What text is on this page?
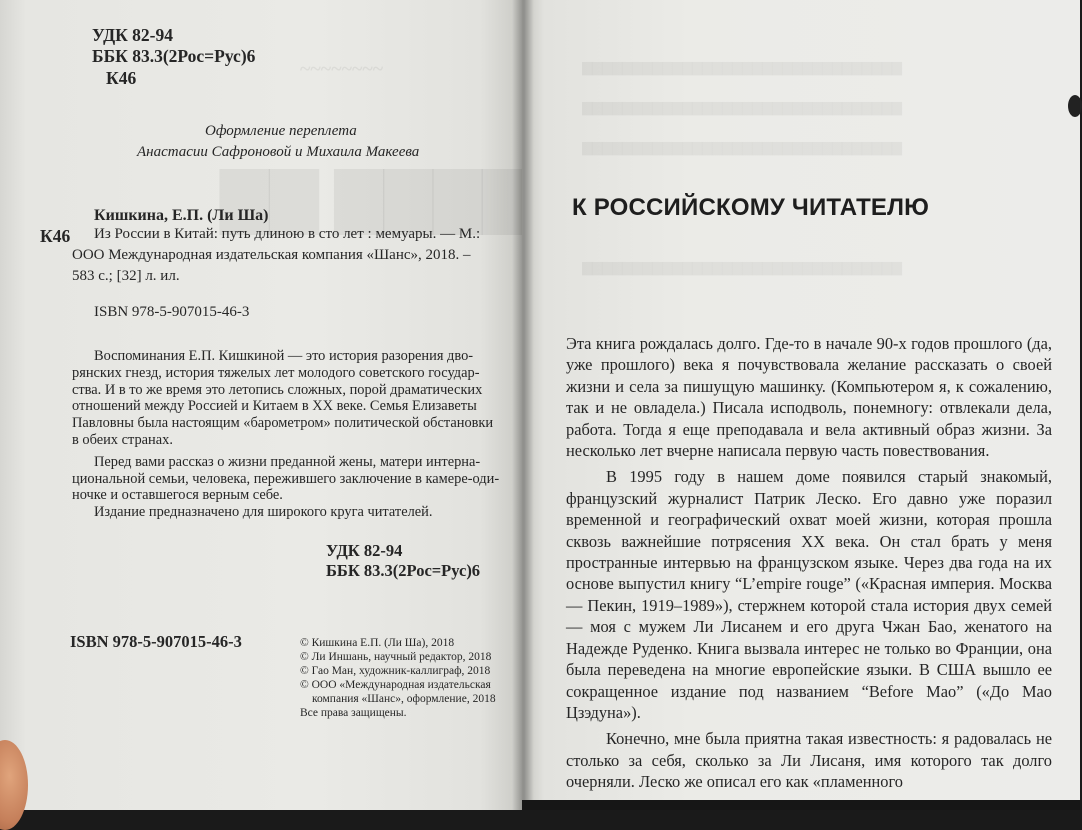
~~~~~~~~
▇▇ ▇▇▇▇▇
УДК 82-94
ББК 83.3(2Рос=Рус)6
К46
Оформление переплета
Анастасии Сафроновой и Михаила Макеева
К46
Кишкина, Е.П. (Ли Ша)
Из России в Китай: путь длиною в сто лет : мемуары. — М.:
ООО Международная издательская компания «Шанс», 2018. –
583 с.; [32] л. ил.
ISBN 978-5-907015-46-3
Воспоминания Е.П. Кишкиной — это история разорения дво-
рянских гнезд, история тяжелых лет молодого советского государ-
ства. И в то же время это летопись сложных, порой драматических
отношений между Россией и Китаем в XX веке. Семья Елизаветы
Павловны была настоящим «барометром» политической обстановки
в обеих странах.
Перед вами рассказ о жизни преданной жены, матери интерна-
циональной семьи, человека, пережившего заключение в камере-оди-
ночке и оставшегося верным себе.
Издание предназначено для широкого круга читателей.
УДК 82-94
ББК 83.3(2Рос=Рус)6
ISBN 978-5-907015-46-3	© Кишкина Е.П. (Ли Ша), 2018
© Ли Иншань, научный редактор, 2018
© Гао Ман, художник-каллиграф, 2018
© ООО «Международная издательская
компания «Шанс», оформление, 2018
Все права защищены.
▇▇▇▇▇▇▇▇▇▇▇▇▇▇▇▇▇▇▇▇▇▇▇▇▇▇▇▇▇▇▇▇
▇▇▇▇▇▇▇▇▇▇▇▇▇▇▇▇▇▇▇▇▇▇▇▇▇▇▇▇▇▇▇▇
▇▇▇▇▇▇▇▇▇▇▇▇▇▇▇▇▇▇▇▇▇▇▇▇▇▇▇▇▇▇▇▇
▇▇▇▇▇▇▇▇▇▇▇▇▇▇▇▇▇▇▇▇▇▇▇▇▇▇▇▇▇▇▇▇
К РОССИЙСКОМУ ЧИТАТЕЛЮ

Эта книга рождалась долго. Где-то в начале 90-х годов прошлого (да, уже прошлого) века я почувствовала желание рассказать о своей жизни и села за пишущую машинку. (Компьютером я, к сожалению, так и не овладела.) Писала исподволь, понемногу: отвлекали дела, работа. Тогда я еще преподавала и вела активный образ жизни. За несколько лет вчерне написала первую часть повествования.

В 1995 году в нашем доме появился старый знакомый, французский журналист Патрик Леско. Его давно уже поразил временной и географический охват моей жизни, которая прошла сквозь важнейшие потрясения XX века. Он стал брать у меня пространные интервью на французском языке. Через два года на их основе выпустил книгу “L’empire rouge” («Красная империя. Москва — Пекин, 1919–1989»), стержнем которой стала история двух семей — моя с мужем Ли Лисанем и его друга Чжан Бао, женатого на Надежде Руденко. Книга вызвала интерес не только во Франции, она была переведена на многие европейские языки. В США вышло ее сокращенное издание под названием “Before Mao” («До Мао Цзэдуна»).

Конечно, мне была приятна такая известность: я радовалась не столько за себя, сколько за Ли Лисаня, имя которого так долго очерняли. Леско же описал его как «пламенного
